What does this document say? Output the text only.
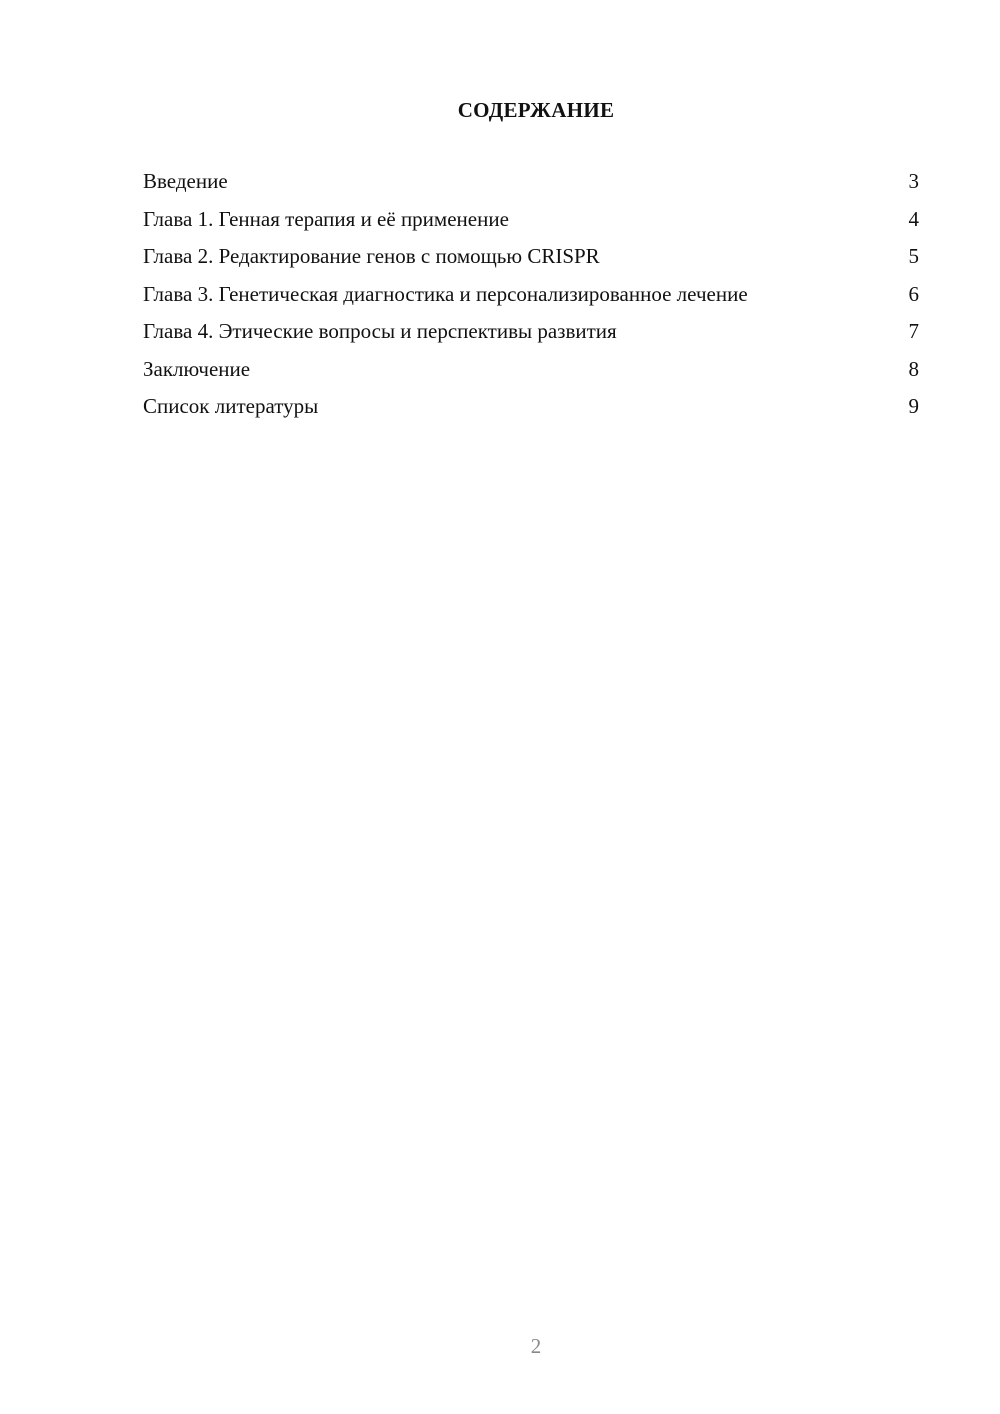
СОДЕРЖАНИЕ
Введение	3
Глава 1. Генная терапия и её применение	4
Глава 2. Редактирование генов с помощью CRISPR	5
Глава 3. Генетическая диагностика и персонализированное лечение	6
Глава 4. Этические вопросы и перспективы развития	7
Заключение	8
Список литературы	9
2
